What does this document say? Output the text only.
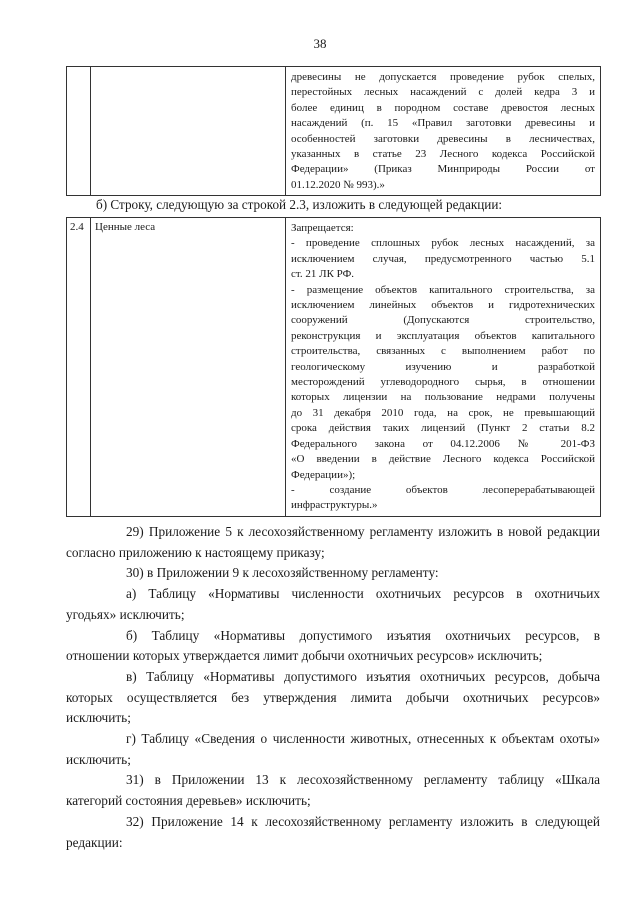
38

древесины не допускается проведение рубок спелых,
перестойных лесных насаждений с долей кедра 3 и
более единиц в породном составе древостоя лесных
насаждений (п. 15 «Правил заготовки древесины и
особенностей заготовки древесины в лесничествах,
указанных в статье 23 Лесного кодекса Российской
Федерации» (Приказ Минприроды России от
01.12.2020 № 993).»
б) Строку, следующую за строкой 2.3, изложить в следующей редакции:
2.4	Ценные леса	Запрещается:
- проведение сплошных рубок лесных насаждений, за
исключением случая, предусмотренного частью 5.1
ст. 21 ЛК РФ.
- размещение объектов капитального строительства, за
исключением линейных объектов и гидротехнических
сооружений (Допускаются строительство,
реконструкция и эксплуатация объектов капитального
строительства, связанных с выполнением работ по
геологическому изучению и разработкой
месторождений углеводородного сырья, в отношении
которых лицензии на пользование недрами получены
до 31 декабря 2010 года, на срок, не превышающий
срока действия таких лицензий (Пункт 2 статьи 8.2
Федерального закона от 04.12.2006 № 201-ФЗ
«О введении в действие Лесного кодекса Российской
Федерации»);
- создание объектов лесоперерабатывающей
инфраструктуры.»
29) Приложение 5 к лесохозяйственному регламенту изложить в новой редакции
согласно приложению к настоящему приказу;
30) в Приложении 9 к лесохозяйственному регламенту:
а) Таблицу «Нормативы численности охотничьих ресурсов в охотничьих
угодьях» исключить;
б) Таблицу «Нормативы допустимого изъятия охотничьих ресурсов, в
отношении которых утверждается лимит добычи охотничьих ресурсов» исключить;
в) Таблицу «Нормативы допустимого изъятия охотничьих ресурсов, добыча
которых осуществляется без утверждения лимита добычи охотничьих ресурсов»
исключить;
г) Таблицу «Сведения о численности животных, отнесенных к объектам охоты»
исключить;
31) в Приложении 13 к лесохозяйственному регламенту таблицу «Шкала
категорий состояния деревьев» исключить;
32) Приложение 14 к лесохозяйственному регламенту изложить в следующей
редакции:
